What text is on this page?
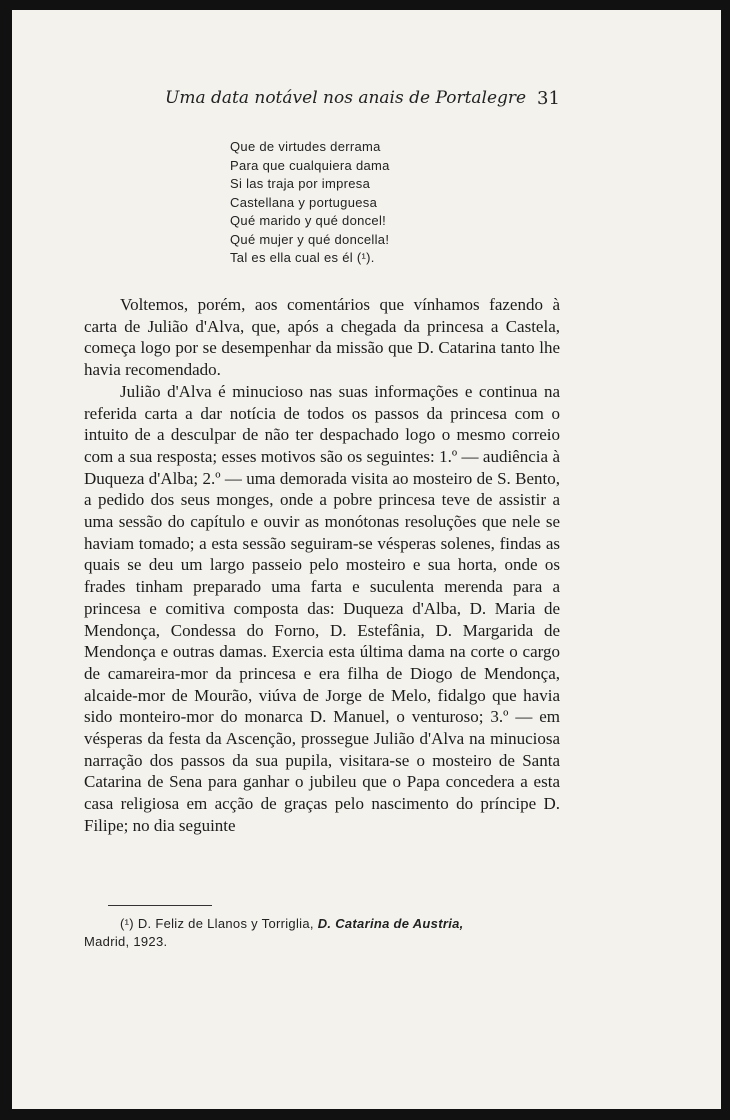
Uma data notável nos anais de Portalegre 31
Que de virtudes derrama
Para que cualquiera dama
Si las traja por impresa
Castellana y portuguesa
Qué marido y qué doncel!
Qué mujer y qué doncella!
Tal es ella cual es él (¹).

Voltemos, porém, aos comentários que vínhamos fazendo à carta de Julião d'Alva, que, após a chegada da princesa a Castela, começa logo por se desempenhar da missão que D. Catarina tanto lhe havia recomendado.

Julião d'Alva é minucioso nas suas informações e continua na referida carta a dar notícia de todos os passos da princesa com o intuito de a desculpar de não ter despachado logo o mesmo correio com a sua resposta; esses motivos são os seguintes: 1.º — audiência à Duqueza d'Alba; 2.º — uma demorada visita ao mosteiro de S. Bento, a pedido dos seus monges, onde a pobre princesa teve de assistir a uma sessão do capítulo e ouvir as monótonas resoluções que nele se haviam tomado; a esta sessão seguiram-se vésperas solenes, findas as quais se deu um largo passeio pelo mosteiro e sua horta, onde os frades tinham preparado uma farta e suculenta merenda para a princesa e comitiva composta das: Duqueza d'Alba, D. Maria de Mendonça, Condessa do Forno, D. Estefânia, D. Margarida de Mendonça e outras damas. Exercia esta última dama na corte o cargo de camareira-mor da princesa e era filha de Diogo de Mendonça, alcaide-mor de Mourão, viúva de Jorge de Melo, fidalgo que havia sido monteiro-mor do monarca D. Manuel, o venturoso; 3.º — em vésperas da festa da Ascenção, prossegue Julião d'Alva na minuciosa narração dos passos da sua pupila, visitara-se o mosteiro de Santa Catarina de Sena para ganhar o jubileu que o Papa concedera a esta casa religiosa em acção de graças pelo nascimento do príncipe D. Filipe; no dia seguinte

(¹) D. Feliz de Llanos y Torriglia, D. Catarina de Austria,
Madrid, 1923.
